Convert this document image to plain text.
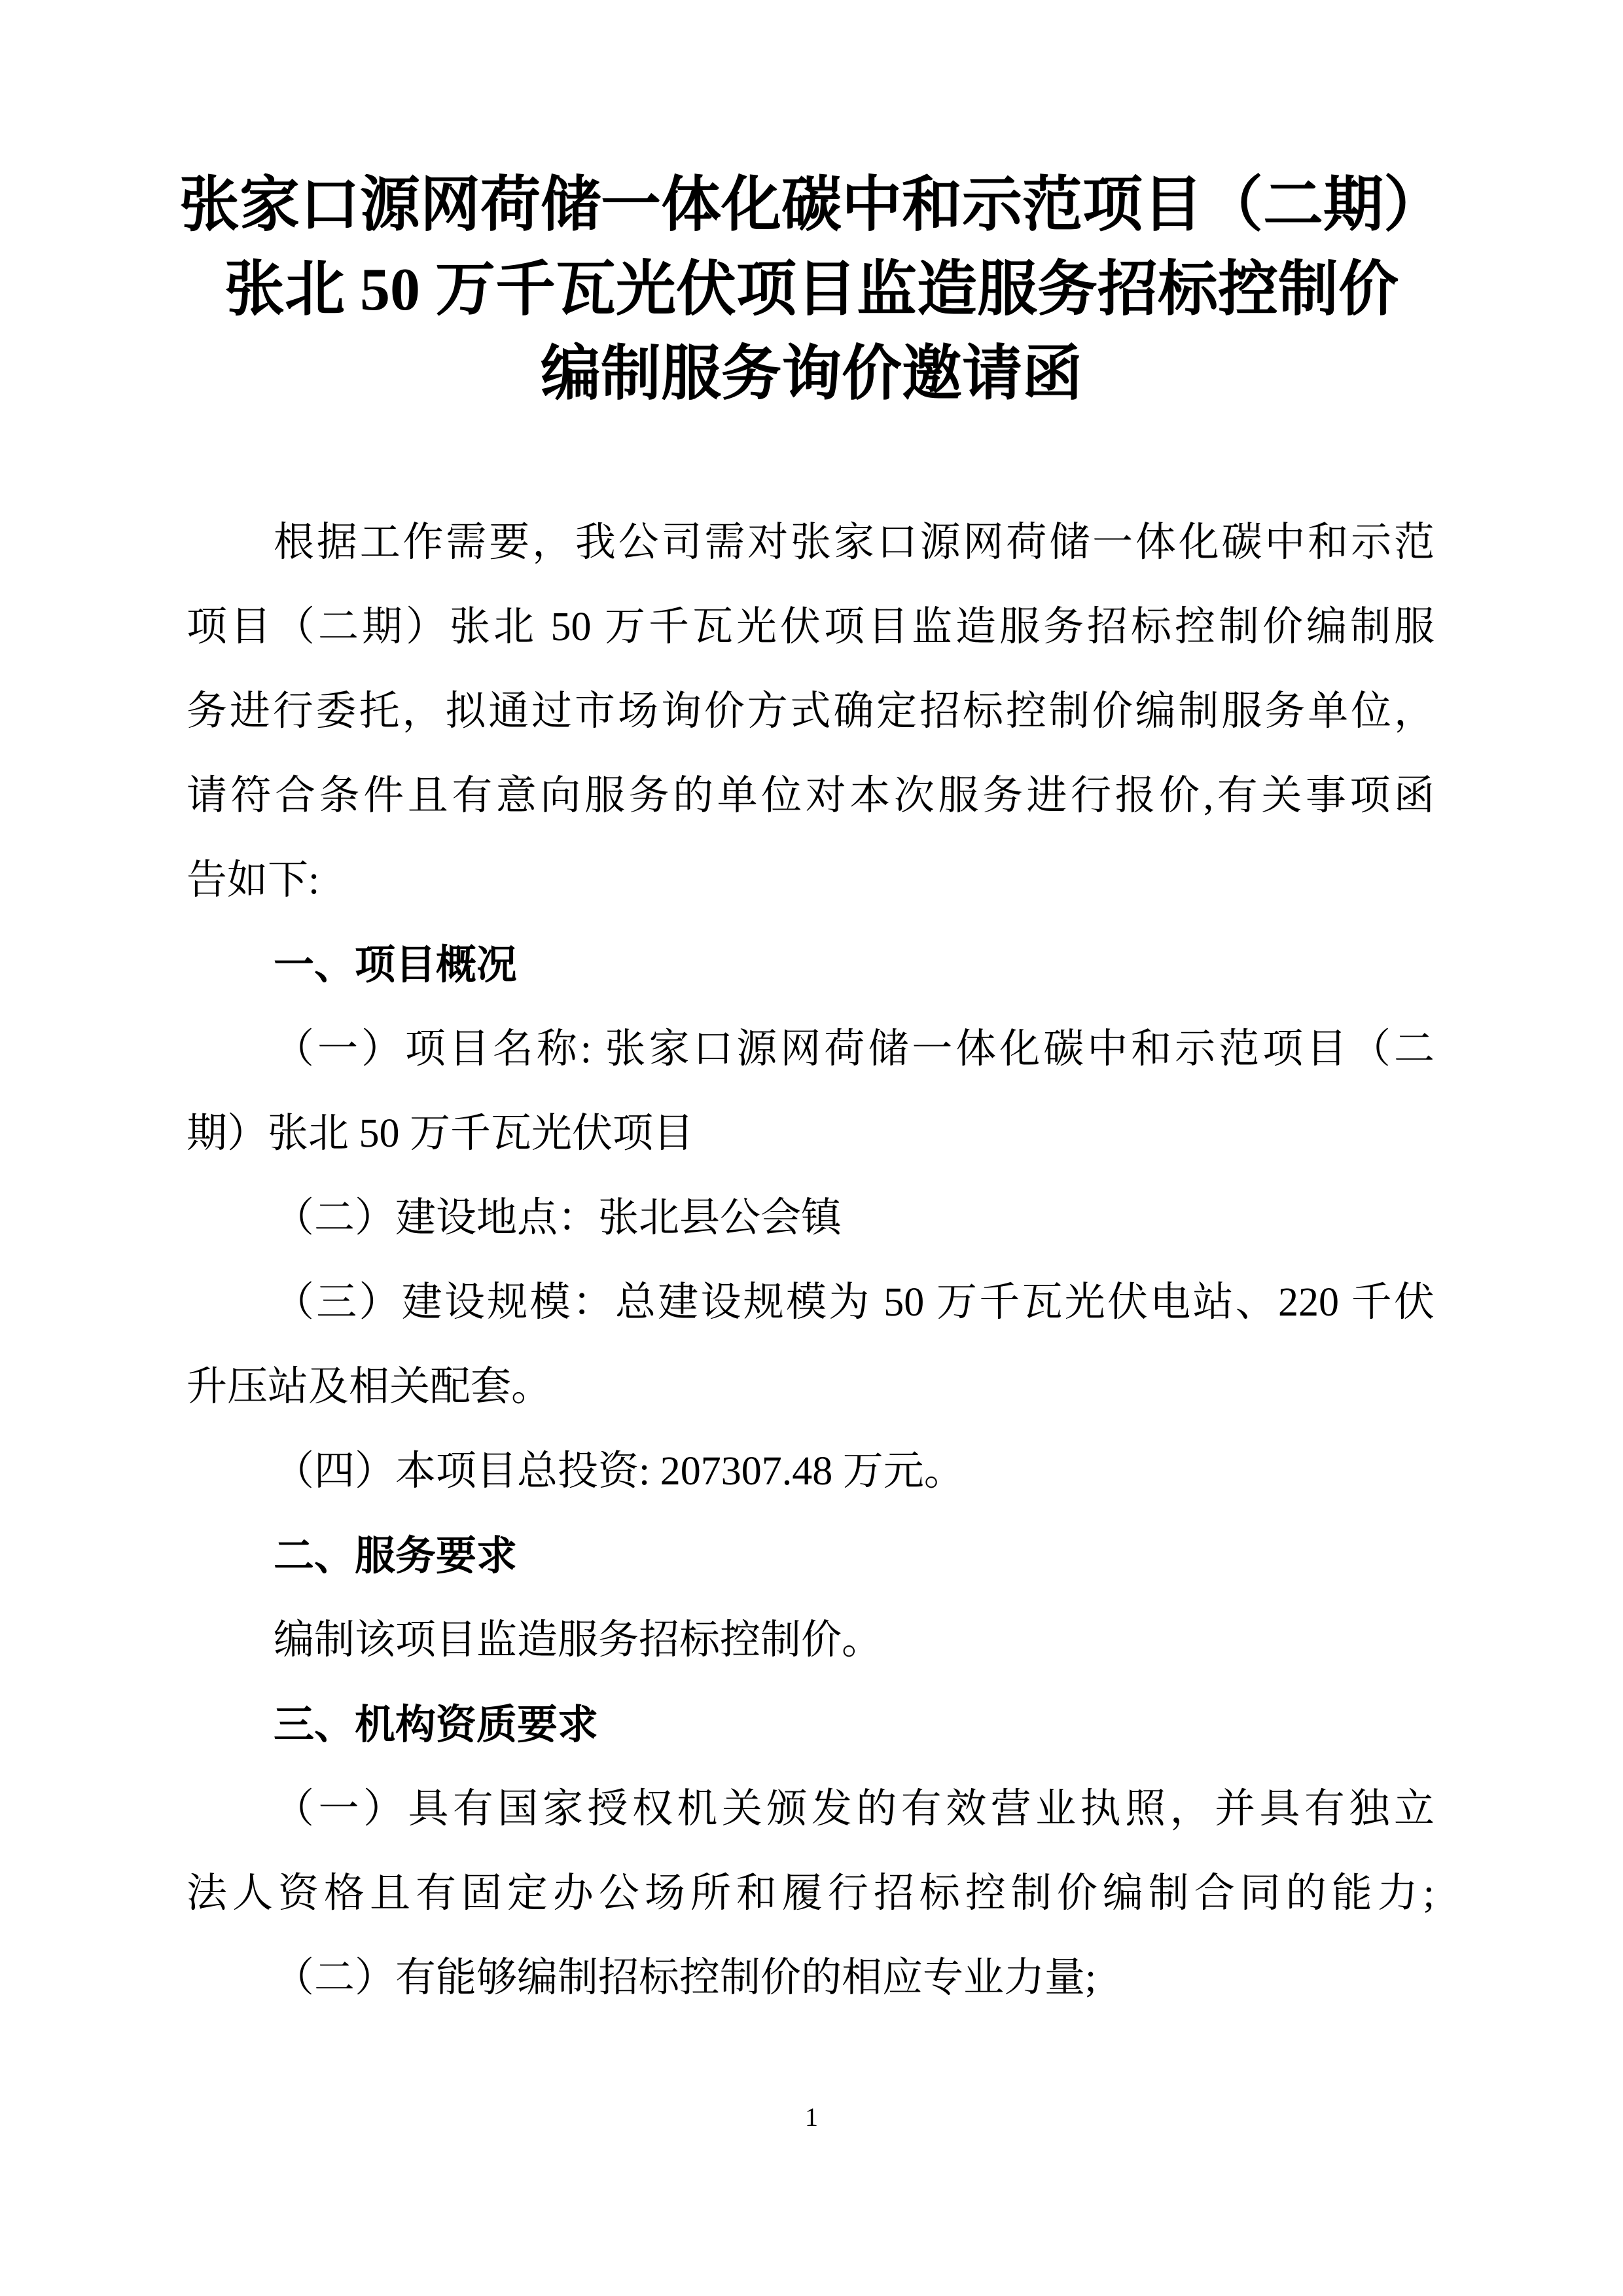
张家口源网荷储一体化碳中和示范项目（二期）
张北 50 万千瓦光伏项目监造服务招标控制价
编制服务询价邀请函
根据工作需要，我公司需对张家口源网荷储一体化碳中和示范
项目（二期）张北 50 万千瓦光伏项目监造服务招标控制价编制服
务进行委托，拟通过市场询价方式确定招标控制价编制服务单位，
请符合条件且有意向服务的单位对本次服务进行报价,有关事项函
告如下:
一、项目概况
（一）项目名称: 张家口源网荷储一体化碳中和示范项目（二
期）张北 50 万千瓦光伏项目
（二）建设地点：张北县公会镇
（三）建设规模：总建设规模为 50 万千瓦光伏电站、220 千伏
升压站及相关配套。
（四）本项目总投资: 207307.48 万元。
二、服务要求
编制该项目监造服务招标控制价。
三、机构资质要求
（一）具有国家授权机关颁发的有效营业执照，并具有独立
法人资格且有固定办公场所和履行招标控制价编制合同的能力;
（二）有能够编制招标控制价的相应专业力量;
1
